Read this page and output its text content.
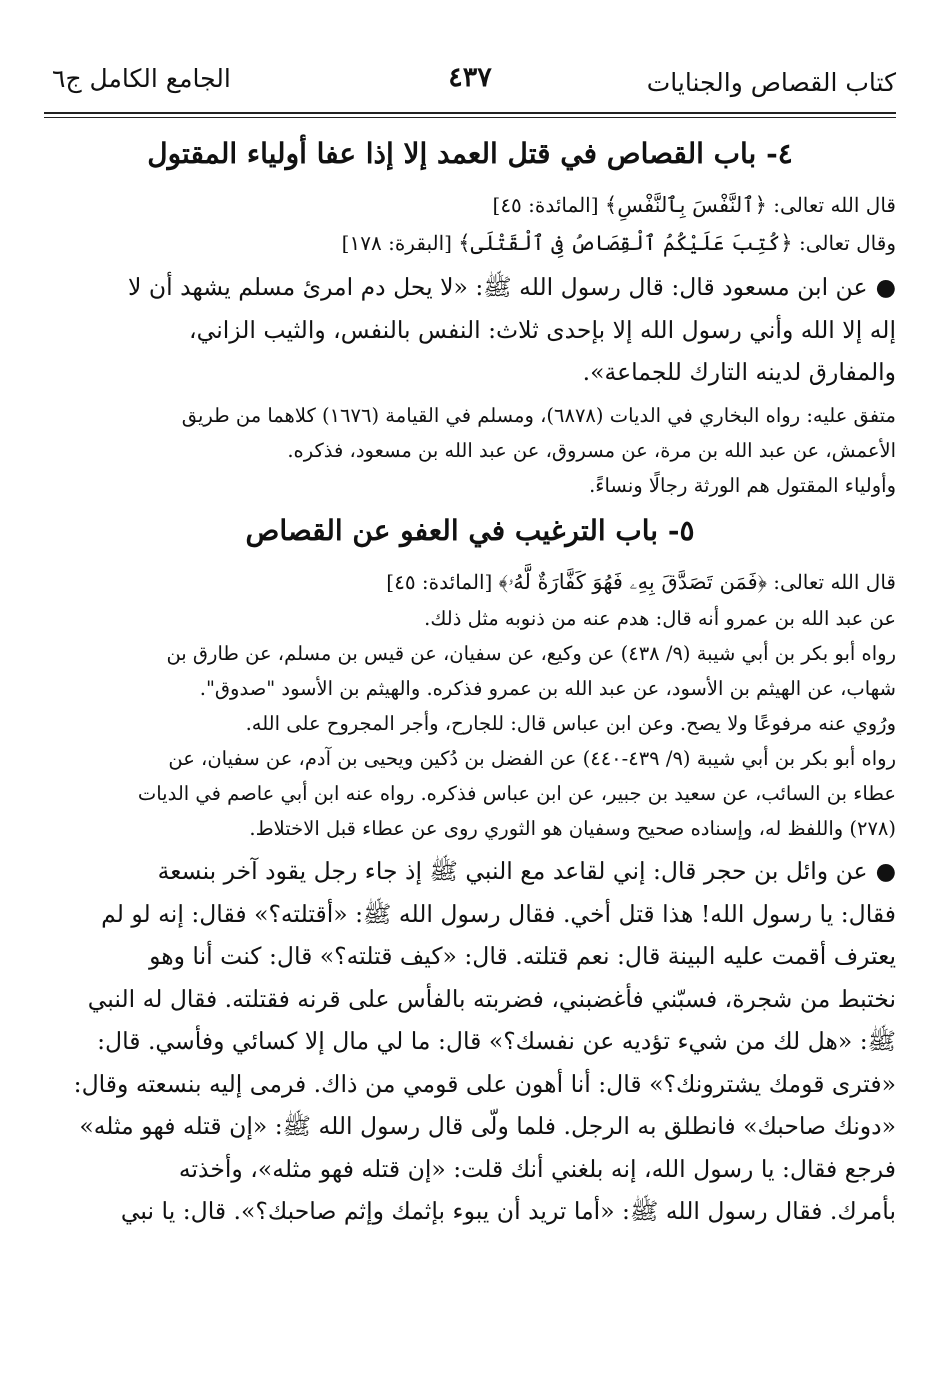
كتاب القصاص والجنايات
٤٣٧
الجامع الكامل ج٦
٤- باب القصاص في قتل العمد إلا إذا عفا أولياء المقتول

قال الله تعالى: ﴿ٱلنَّفْسَ بِٱلنَّفْسِ﴾ [المائدة: ٤٥]

وقال تعالى: ﴿كُتِبَ عَلَيْكُمُ ٱلْقِصَاصُ فِى ٱلْقَتْلَى﴾ [البقرة: ١٧٨]

●عن ابن مسعود قال: قال رسول الله ﷺ: «لا يحل دم امرئ مسلم يشهد أن لا

إله إلا الله وأني رسول الله إلا بإحدى ثلاث: النفس بالنفس، والثيب الزاني،

والمفارق لدينه التارك للجماعة».

متفق عليه: رواه البخاري في الديات (٦٨٧٨)، ومسلم في القيامة (١٦٧٦) كلاهما من طريق

الأعمش، عن عبد الله بن مرة، عن مسروق، عن عبد الله بن مسعود، فذكره.

وأولياء المقتول هم الورثة رجالًا ونساءً.

٥- باب الترغيب في العفو عن القصاص

قال الله تعالى: ﴿فَمَن تَصَدَّقَ بِهِۦ فَهُوَ كَفَّارَةٌ لَّهُۥ﴾ [المائدة: ٤٥]

عن عبد الله بن عمرو أنه قال: هدم عنه من ذنوبه مثل ذلك.

رواه أبو بكر بن أبي شيبة (٩/ ٤٣٨) عن وكيع، عن سفيان، عن قيس بن مسلم، عن طارق بن

شهاب، عن الهيثم بن الأسود، عن عبد الله بن عمرو فذكره. والهيثم بن الأسود "صدوق".

ورُوي عنه مرفوعًا ولا يصح. وعن ابن عباس قال: للجارح، وأجر المجروح على الله.

رواه أبو بكر بن أبي شيبة (٩/ ٤٣٩-٤٤٠) عن الفضل بن دُكين ويحيى بن آدم، عن سفيان، عن

عطاء بن السائب، عن سعيد بن جبير، عن ابن عباس فذكره. رواه عنه ابن أبي عاصم في الديات

(٢٧٨) واللفظ له، وإسناده صحيح وسفيان هو الثوري روى عن عطاء قبل الاختلاط.

●عن وائل بن حجر قال: إني لقاعد مع النبي ﷺ إذ جاء رجل يقود آخر بنسعة

فقال: يا رسول الله! هذا قتل أخي. فقال رسول الله ﷺ: «أقتلته؟» فقال: إنه لو لم

يعترف أقمت عليه البينة قال: نعم قتلته. قال: «كيف قتلته؟» قال: كنت أنا وهو

نختبط من شجرة، فسبّني فأغضبني، فضربته بالفأس على قرنه فقتلته. فقال له النبي

ﷺ: «هل لك من شيء تؤديه عن نفسك؟» قال: ما لي مال إلا كسائي وفأسي. قال:

«فترى قومك يشترونك؟» قال: أنا أهون على قومي من ذاك. فرمى إليه بنسعته وقال:

«دونك صاحبك» فانطلق به الرجل. فلما ولّى قال رسول الله ﷺ: «إن قتله فهو مثله»

فرجع فقال: يا رسول الله، إنه بلغني أنك قلت: «إن قتله فهو مثله»، وأخذته

بأمرك. فقال رسول الله ﷺ: «أما تريد أن يبوء بإثمك وإثم صاحبك؟». قال: يا نبي
